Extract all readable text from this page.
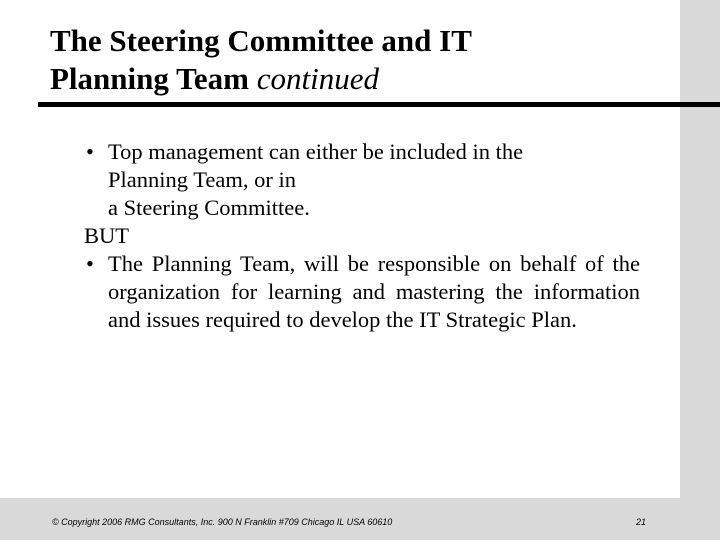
The Steering Committee and IT
Planning Team continued
• Top management can either be included in the

Planning Team, or in

a Steering Committee.

BUT

• The Planning Team, will be responsible on behalf of the organization for learning and mastering the information and issues required to develop the IT Strategic Plan.

© Copyright 2006 RMG Consultants, Inc. 900 N Franklin #709 Chicago IL USA 60610	21
